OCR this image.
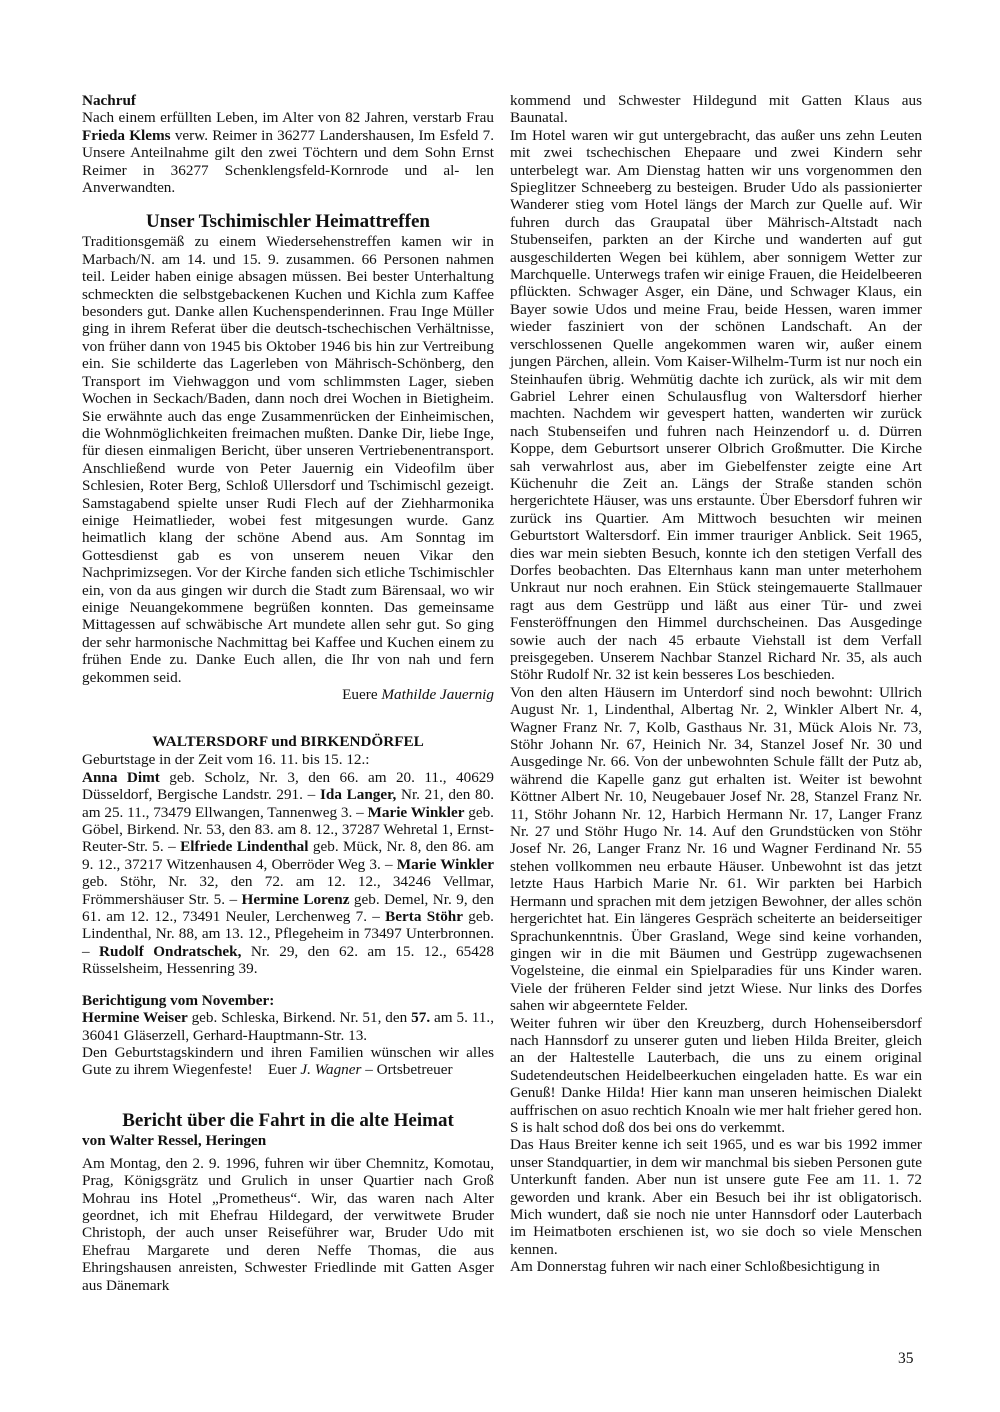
Nachruf

Nach einem erfüllten Leben, im Alter von 82 Jahren, verstarb Frau Frieda Klems verw. Reimer in 36277 Landershausen, Im Esfeld 7. Unsere Anteilnahme gilt den zwei Töchtern und dem Sohn Ernst Reimer in 36277 Schenklengsfeld-Kornrode und al- len Anverwandten.

Unser Tschimischler Heimattreffen

Traditionsgemäß zu einem Wiedersehenstreffen kamen wir in Marbach/N. am 14. und 15. 9. zusammen. 66 Personen nahmen teil. Leider haben einige absagen müssen. Bei bester Unterhaltung schmeckten die selbstgebackenen Kuchen und Kichla zum Kaffee besonders gut. Danke allen Kuchenspenderinnen. Frau Inge Müller ging in ihrem Referat über die deutsch-tschechischen Verhältnisse, von früher dann von 1945 bis Oktober 1946 bis hin zur Vertreibung ein. Sie schilderte das Lagerleben von Mährisch-Schönberg, den Transport im Viehwaggon und vom schlimmsten Lager, sieben Wochen in Seckach/Baden, dann noch drei Wochen in Bietigheim. Sie erwähnte auch das enge Zusammenrücken der Einheimischen, die Wohnmöglichkeiten freimachen mußten. Danke Dir, liebe Inge, für diesen einmaligen Bericht, über unseren Vertriebenentransport. Anschließend wurde von Peter Jauernig ein Videofilm über Schlesien, Roter Berg, Schloß Ullersdorf und Tschimischl gezeigt. Samstagabend spielte unser Rudi Flech auf der Ziehharmonika einige Heimatlieder, wobei fest mitgesungen wurde. Ganz heimatlich klang der schöne Abend aus. Am Sonntag im Gottesdienst gab es von unserem neuen Vikar den Nachprimizsegen. Vor der Kirche fanden sich etliche Tschimischler ein, von da aus gingen wir durch die Stadt zum Bärensaal, wo wir einige Neuangekommene begrüßen konnten. Das gemeinsame Mittagessen auf schwäbische Art mundete allen sehr gut. So ging der sehr harmonische Nachmittag bei Kaffee und Kuchen einem zu frühen Ende zu. Danke Euch allen, die Ihr von nah und fern gekommen seid.

Euere Mathilde Jauernig

WALTERSDORF und BIRKENDÖRFEL

Geburtstage in der Zeit vom 16. 11. bis 15. 12.:

Anna Dimt geb. Scholz, Nr. 3, den 66. am 20. 11., 40629 Düsseldorf, Bergische Landstr. 291. – Ida Langer, Nr. 21, den 80. am 25. 11., 73479 Ellwangen, Tannenweg 3. – Marie Winkler geb. Göbel, Birkend. Nr. 53, den 83. am 8. 12., 37287 Wehretal 1, Ernst-Reuter-Str. 5. – Elfriede Lindenthal geb. Mück, Nr. 8, den 86. am 9. 12., 37217 Witzenhausen 4, Oberröder Weg 3. – Marie Winkler geb. Stöhr, Nr. 32, den 72. am 12. 12., 34246 Vellmar, Frömmershäuser Str. 5. – Hermine Lorenz geb. Demel, Nr. 9, den 61. am 12. 12., 73491 Neuler, Lerchenweg 7. – Berta Stöhr geb. Lindenthal, Nr. 88, am 13. 12., Pflegeheim in 73497 Unterbronnen. – Rudolf Ondratschek, Nr. 29, den 62. am 15. 12., 65428 Rüsselsheim, Hessenring 39.

Berichtigung vom November:

Hermine Weiser geb. Schleska, Birkend. Nr. 51, den 57. am 5. 11., 36041 Gläserzell, Gerhard-Hauptmann-Str. 13.

Den Geburtstagskindern und ihren Familien wünschen wir alles Gute zu ihrem Wiegenfeste! Euer J. Wagner – Ortsbetreuer

Bericht über die Fahrt in die alte Heimat

von Walter Ressel, Heringen

Am Montag, den 2. 9. 1996, fuhren wir über Chemnitz, Komotau, Prag, Königsgrätz und Grulich in unser Quartier nach Groß Mohrau ins Hotel „Prometheus“. Wir, das waren nach Alter geordnet, ich mit Ehefrau Hildegard, der verwitwete Bruder Christoph, der auch unser Reiseführer war, Bruder Udo mit Ehefrau Margarete und deren Neffe Thomas, die aus Ehringshausen anreisten, Schwester Friedlinde mit Gatten Asger aus Dänemark

kommend und Schwester Hildegund mit Gatten Klaus aus Baunatal.

Im Hotel waren wir gut untergebracht, das außer uns zehn Leuten mit zwei tschechischen Ehepaare und zwei Kindern sehr unterbelegt war. Am Dienstag hatten wir uns vorgenommen den Spieglitzer Schneeberg zu besteigen. Bruder Udo als passionierter Wanderer stieg vom Hotel längs der March zur Quelle auf. Wir fuhren durch das Graupatal über Mährisch-Altstadt nach Stubenseifen, parkten an der Kirche und wanderten auf gut ausgeschilderten Wegen bei kühlem, aber sonnigem Wetter zur Marchquelle. Unterwegs trafen wir einige Frauen, die Heidelbeeren pflückten. Schwager Asger, ein Däne, und Schwager Klaus, ein Bayer sowie Udos und meine Frau, beide Hessen, waren immer wieder fasziniert von der schönen Landschaft. An der verschlossenen Quelle angekommen waren wir, außer einem jungen Pärchen, allein. Vom Kaiser-Wilhelm-Turm ist nur noch ein Steinhaufen übrig. Wehmütig dachte ich zurück, als wir mit dem Gabriel Lehrer einen Schulausflug von Waltersdorf hierher machten. Nachdem wir gevespert hatten, wanderten wir zurück nach Stubenseifen und fuhren nach Heinzendorf u. d. Dürren Koppe, dem Geburtsort unserer Olbrich Großmutter. Die Kirche sah verwahrlost aus, aber im Giebelfenster zeigte eine Art Küchenuhr die Zeit an. Längs der Straße standen schön hergerichtete Häuser, was uns erstaunte. Über Ebersdorf fuhren wir zurück ins Quartier. Am Mittwoch besuchten wir meinen Geburtstort Waltersdorf. Ein immer trauriger Anblick. Seit 1965, dies war mein siebten Besuch, konnte ich den stetigen Verfall des Dorfes beobachten. Das Elternhaus kann man unter meterhohem Unkraut nur noch erahnen. Ein Stück steingemauerte Stallmauer ragt aus dem Gestrüpp und läßt aus einer Tür- und zwei Fensteröffnungen den Himmel durchscheinen. Das Ausgedinge sowie auch der nach 45 erbaute Viehstall ist dem Verfall preisgegeben. Unserem Nachbar Stanzel Richard Nr. 35, als auch Stöhr Rudolf Nr. 32 ist kein besseres Los beschieden.

Von den alten Häusern im Unterdorf sind noch bewohnt: Ullrich August Nr. 1, Lindenthal, Albertag Nr. 2, Winkler Albert Nr. 4, Wagner Franz Nr. 7, Kolb, Gasthaus Nr. 31, Mück Alois Nr. 73, Stöhr Johann Nr. 67, Heinich Nr. 34, Stanzel Josef Nr. 30 und Ausgedinge Nr. 66. Von der unbewohnten Schule fällt der Putz ab, während die Kapelle ganz gut erhalten ist. Weiter ist bewohnt Köttner Albert Nr. 10, Neugebauer Josef Nr. 28, Stanzel Franz Nr. 11, Stöhr Johann Nr. 12, Harbich Hermann Nr. 17, Langer Franz Nr. 27 und Stöhr Hugo Nr. 14. Auf den Grundstücken von Stöhr Josef Nr. 26, Langer Franz Nr. 16 und Wagner Ferdinand Nr. 55 stehen vollkommen neu erbaute Häuser. Unbewohnt ist das jetzt letzte Haus Harbich Marie Nr. 61. Wir parkten bei Harbich Hermann und sprachen mit dem jetzigen Bewohner, der alles schön hergerichtet hat. Ein längeres Gespräch scheiterte an beiderseitiger Sprachunkenntnis. Über Grasland, Wege sind keine vorhanden, gingen wir in die mit Bäumen und Gestrüpp zugewachsenen Vogelsteine, die einmal ein Spielparadies für uns Kinder waren. Viele der früheren Felder sind jetzt Wiese. Nur links des Dorfes sahen wir abgeerntete Felder.

Weiter fuhren wir über den Kreuzberg, durch Hohenseibersdorf nach Hannsdorf zu unserer guten und lieben Hilda Breiter, gleich an der Haltestelle Lauterbach, die uns zu einem original Sudetendeutschen Heidelbeerkuchen eingeladen hatte. Es war ein Genuß! Danke Hilda! Hier kann man unseren heimischen Dialekt auffrischen on asuo rechtich Knoaln wie mer halt frieher gered hon. S is halt schod doß dos bei ons do verkemmt.

Das Haus Breiter kenne ich seit 1965, und es war bis 1992 immer unser Standquartier, in dem wir manchmal bis sieben Personen gute Unterkunft fanden. Aber nun ist unsere gute Fee am 11. 1. 72 geworden und krank. Aber ein Besuch bei ihr ist obligatorisch. Mich wundert, daß sie noch nie unter Hannsdorf oder Lauterbach im Heimatboten erschienen ist, wo sie doch so viele Menschen kennen.

Am Donnerstag fuhren wir nach einer Schloßbesichtigung in

35
